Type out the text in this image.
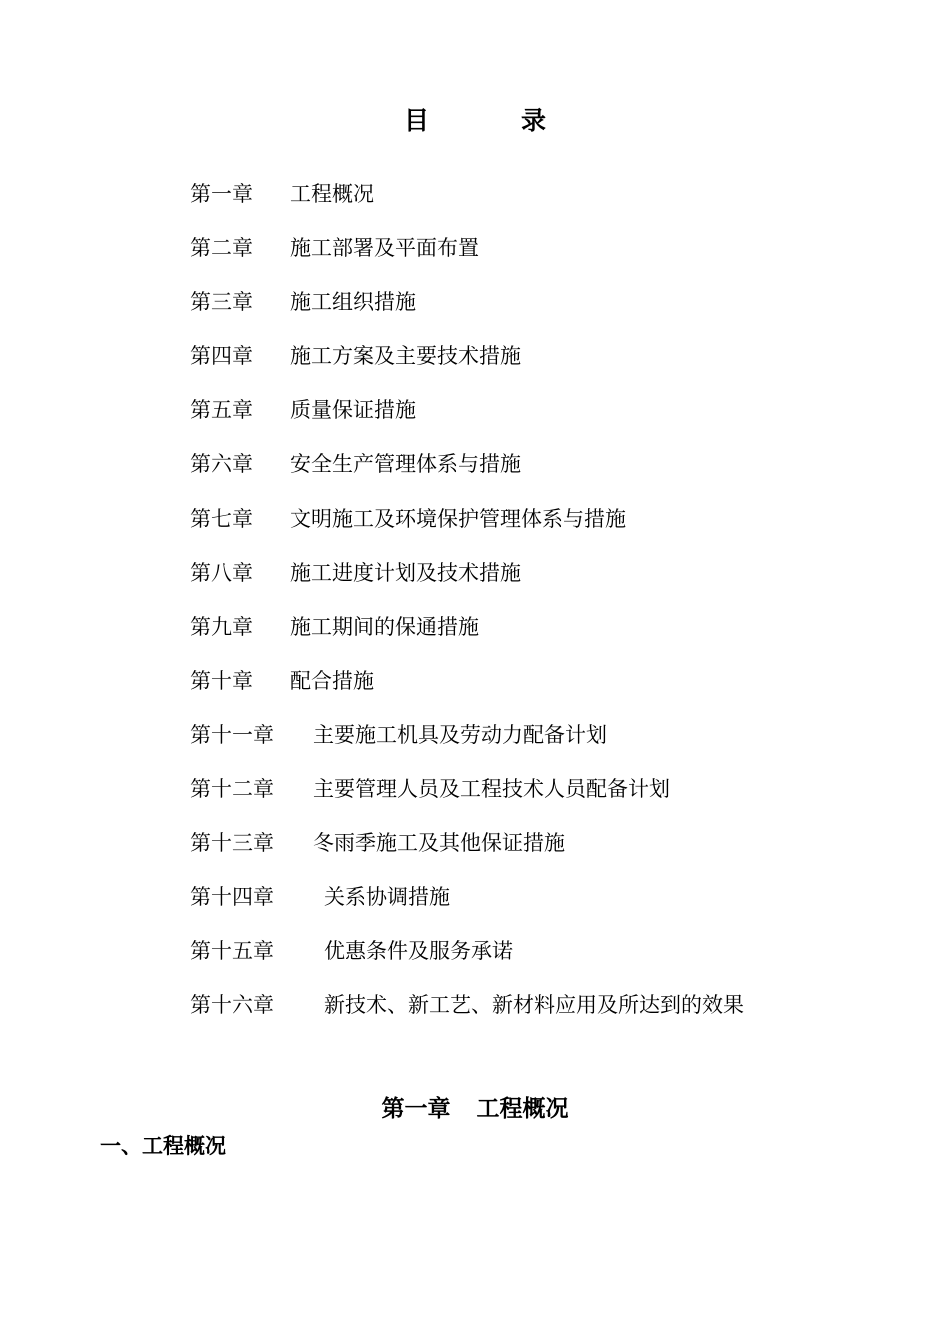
目	录
第一章 工程概况
第二章 施工部署及平面布置
第三章 施工组织措施
第四章 施工方案及主要技术措施
第五章 质量保证措施
第六章 安全生产管理体系与措施
第七章 文明施工及环境保护管理体系与措施
第八章 施工进度计划及技术措施
第九章 施工期间的保通措施
第十章 配合措施
第十一章 主要施工机具及劳动力配备计划
第十二章 主要管理人员及工程技术人员配备计划
第十三章 冬雨季施工及其他保证措施
第十四章 关系协调措施
第十五章 优惠条件及服务承诺
第十六章 新技术、新工艺、新材料应用及所达到的效果
第一章 工程概况
一、工程概况
